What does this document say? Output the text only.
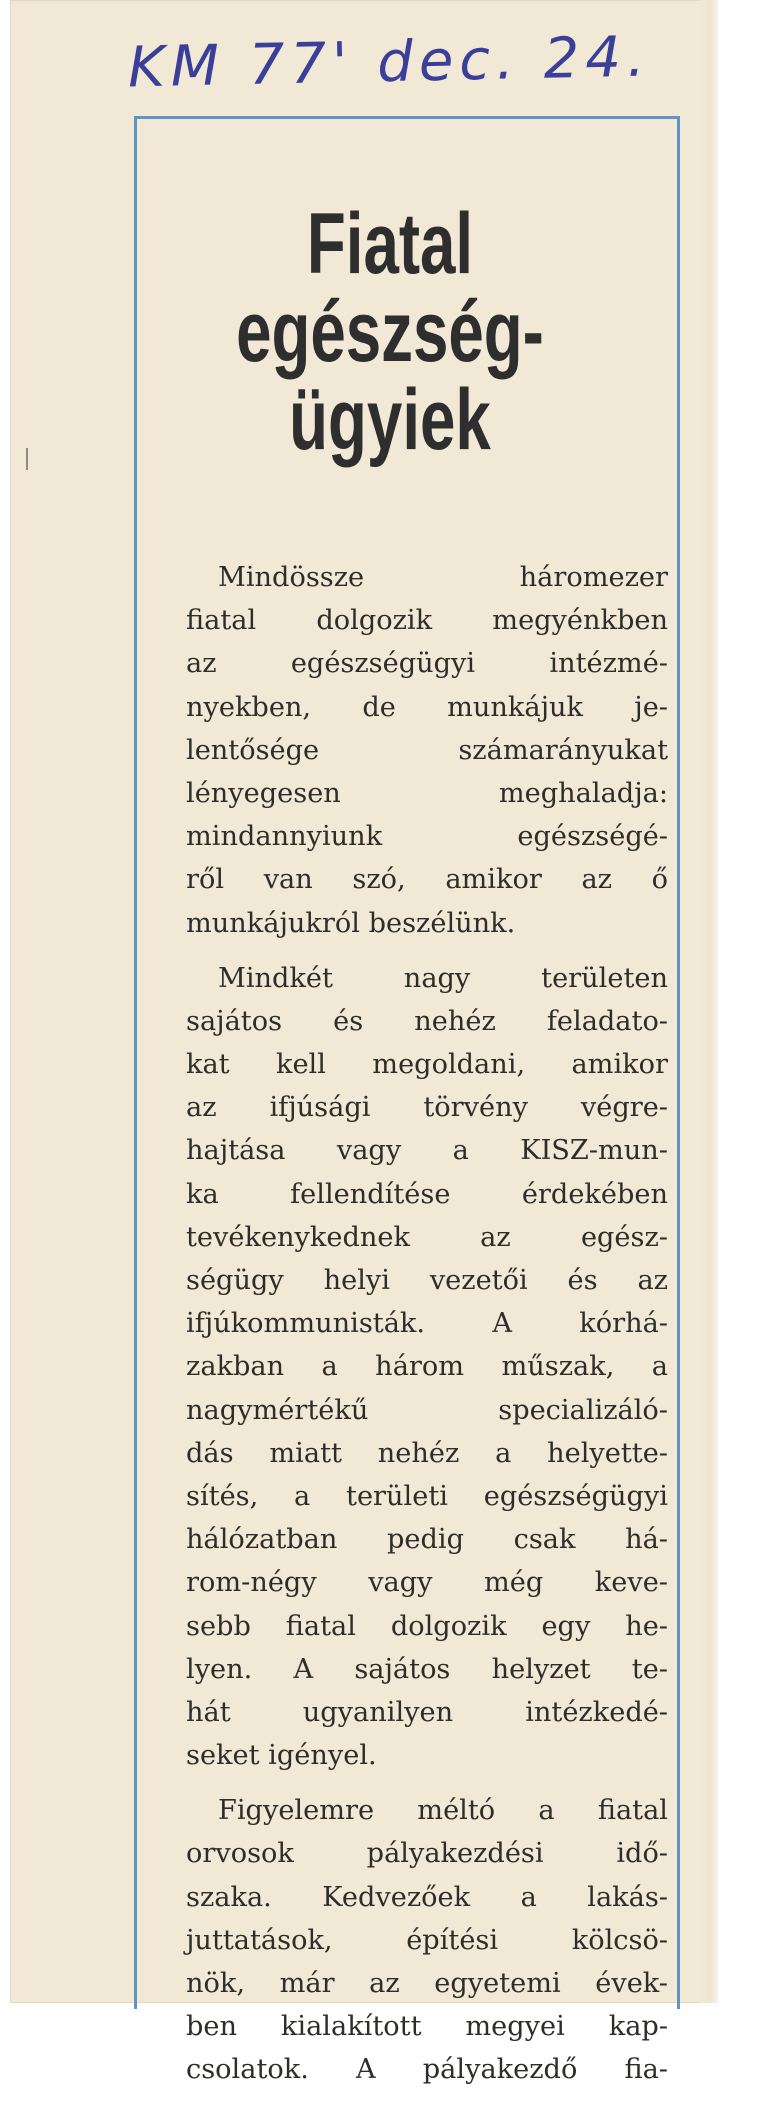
KM 77' dec. 24.
Fiatal
egészség-
ügyiek
Mindössze háromezer
fiatal dolgozik megyénkben
az egészségügyi intézmé-
nyekben, de munkájuk je-
lentősége számarányukat
lényegesen meghaladja:
mindannyiunk egészségé-
ről van szó, amikor az ő
munkájukról beszélünk.
Mindkét nagy területen
sajátos és nehéz feladato-
kat kell megoldani, amikor
az ifjúsági törvény végre-
hajtása vagy a KISZ-mun-
ka fellendítése érdekében
tevékenykednek az egész-
ségügy helyi vezetői és az
ifjúkommunisták. A kórhá-
zakban a három műszak, a
nagymértékű specializáló-
dás miatt nehéz a helyette-
sítés, a területi egészségügyi
hálózatban pedig csak há-
rom-négy vagy még keve-
sebb fiatal dolgozik egy he-
lyen. A sajátos helyzet te-
hát ugyanilyen intézkedé-
seket igényel.
Figyelemre méltó a fiatal
orvosok pályakezdési idő-
szaka. Kedvezőek a lakás-
juttatások, építési kölcsö-
nök, már az egyetemi évek-
ben kialakított megyei kap-
csolatok. A pályakezdő fia-
